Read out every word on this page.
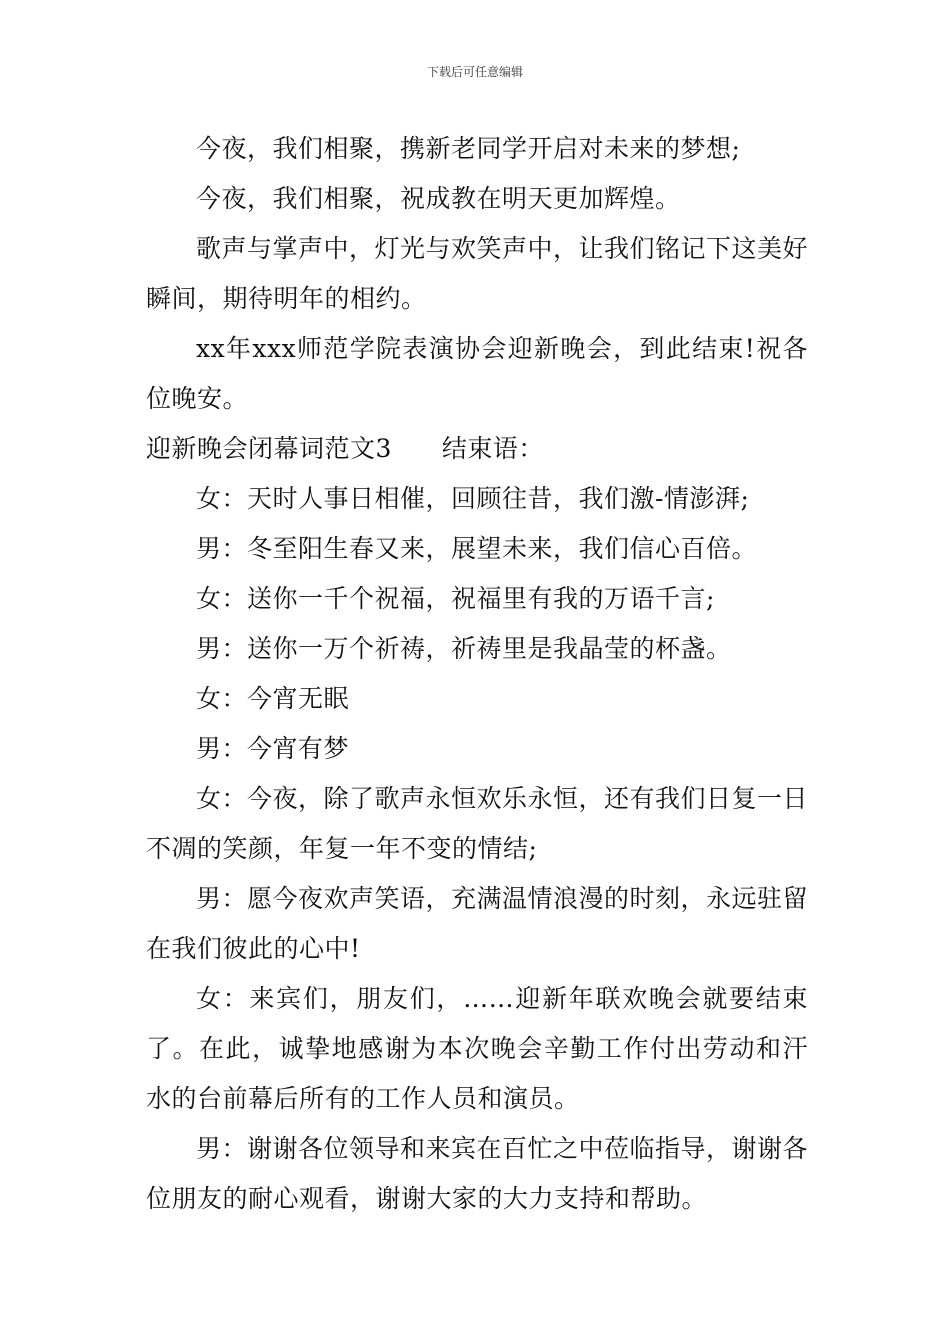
下载后可任意编辑

今夜，我们相聚，携新老同学开启对未来的梦想;

今夜，我们相聚，祝成教在明天更加辉煌。

歌声与掌声中，灯光与欢笑声中，让我们铭记下这美好瞬间，期待明年的相约。

xx年xxx师范学院表演协会迎新晚会，到此结束!祝各位晚安。

迎新晚会闭幕词范文3 结束语：

女：天时人事日相催，回顾往昔，我们激-情澎湃;

男：冬至阳生春又来，展望未来，我们信心百倍。

女：送你一千个祝福，祝福里有我的万语千言;

男：送你一万个祈祷，祈祷里是我晶莹的杯盏。

女：今宵无眠

男：今宵有梦

女：今夜，除了歌声永恒欢乐永恒，还有我们日复一日不凋的笑颜，年复一年不变的情结;

男：愿今夜欢声笑语，充满温情浪漫的时刻，永远驻留在我们彼此的心中!

女：来宾们，朋友们，……迎新年联欢晚会就要结束了。在此，诚挚地感谢为本次晚会辛勤工作付出劳动和汗水的台前幕后所有的工作人员和演员。

男：谢谢各位领导和来宾在百忙之中莅临指导，谢谢各位朋友的耐心观看，谢谢大家的大力支持和帮助。
